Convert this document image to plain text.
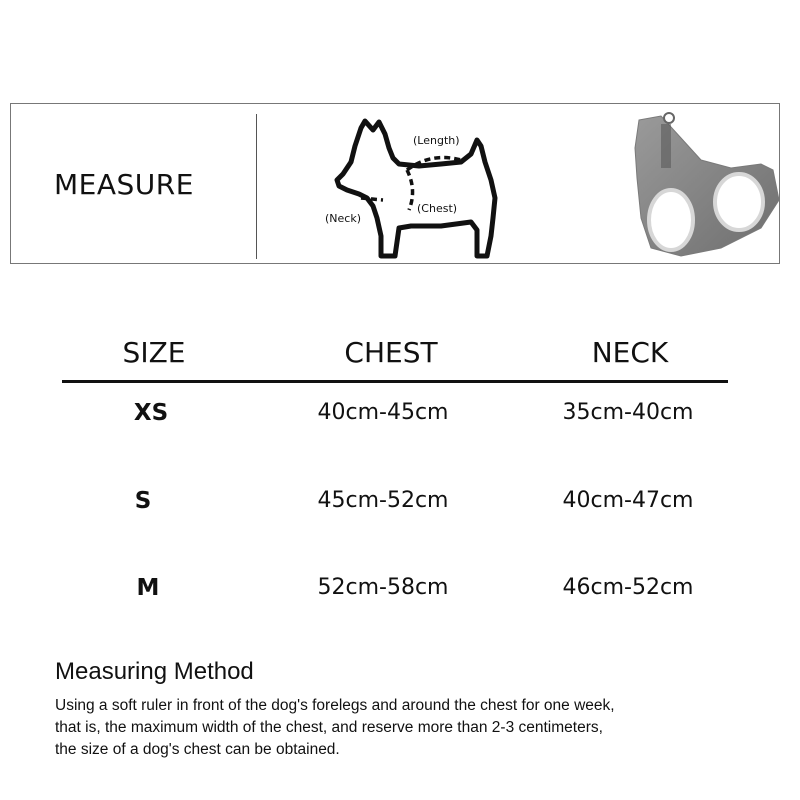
MEASURE
(Length)
(Chest)
(Neck)
SIZE	CHEST	NECK
XS	40cm-45cm	35cm-40cm
S	45cm-52cm	40cm-47cm
M	52cm-58cm	46cm-52cm
Measuring Method
Using a soft ruler in front of the dog's forelegs and around the chest for one week,
that is, the maximum width of the chest, and reserve more than 2-3 centimeters,
the size of a dog's chest can be obtained.
